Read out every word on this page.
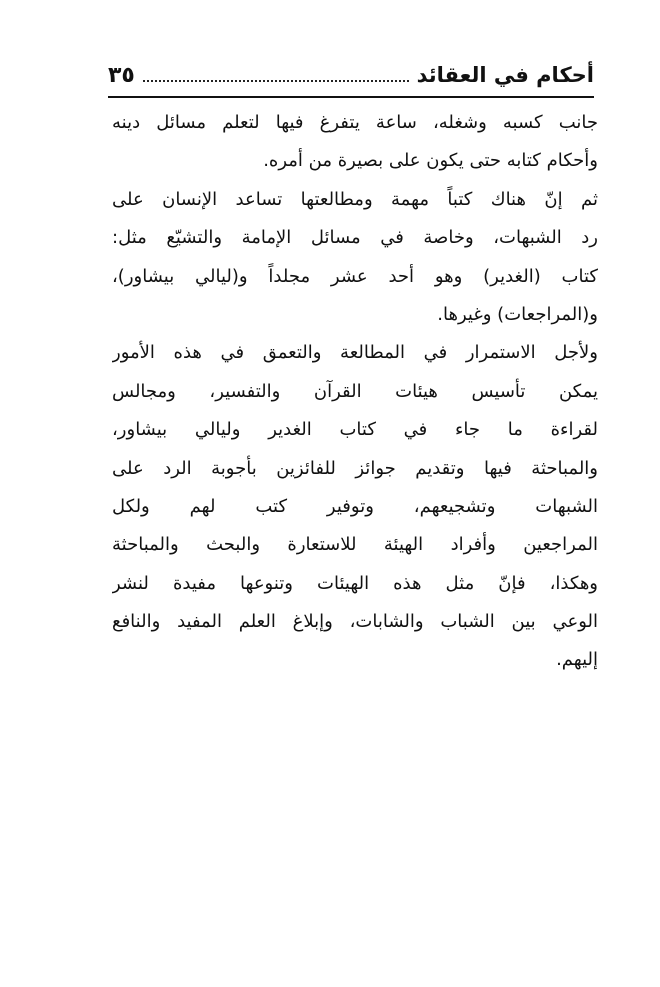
أحكام في العقائد
٣٥
جانب كسبه وشغله، ساعة يتفرغ فيها لتعلم مسائل دينه
وأحكام كتابه حتى يكون على بصيرة من أمره.
ثم إنّ هناك كتباً مهمة ومطالعتها تساعد الإنسان على
رد الشبهات، وخاصة في مسائل الإمامة والتشيّع مثل:
كتاب (الغدير) وهو أحد عشر مجلداً و(ليالي بيشاور)،
و(المراجعات) وغيرها.
ولأجل الاستمرار في المطالعة والتعمق في هذه الأمور
يمكن تأسيس هيئات القرآن والتفسير، ومجالس
لقراءة ما جاء في كتاب الغدير وليالي بيشاور،
والمباحثة فيها وتقديم جوائز للفائزين بأجوبة الرد على
الشبهات وتشجيعهم، وتوفير كتب لهم ولكل
المراجعين وأفراد الهيئة للاستعارة والبحث والمباحثة
وهكذا، فإنّ مثل هذه الهيئات وتنوعها مفيدة لنشر
الوعي بين الشباب والشابات، وإبلاغ العلم المفيد والنافع
إليهم.
